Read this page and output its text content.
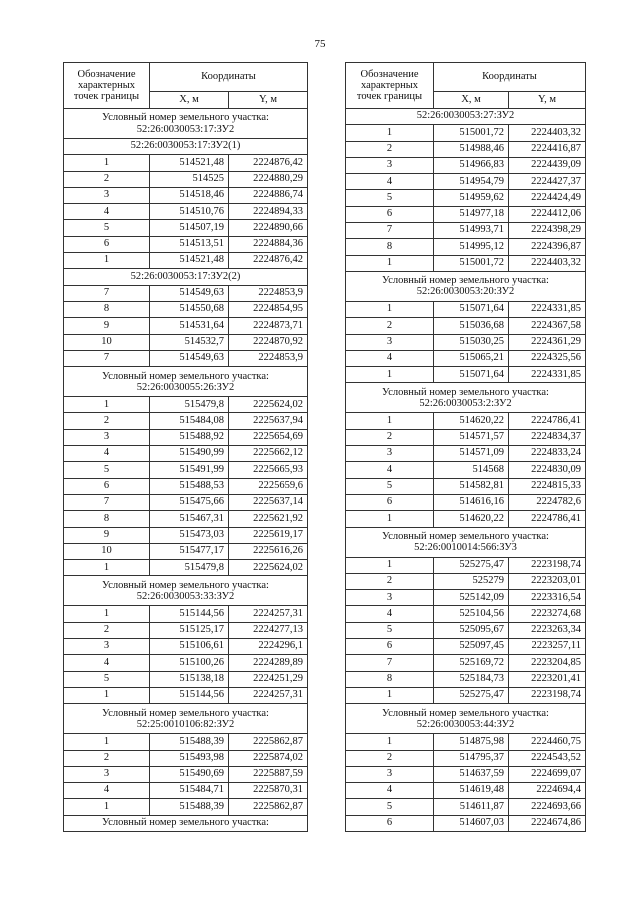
75
Обозначение характерных точек границы	Координаты	
	X, м	Y, м
Условный номер земельного участка: 52:26:0030053:17:ЗУ2		
52:26:0030053:17:ЗУ2(1)		
1	514521,48	2224876,42
2	514525	2224880,29
3	514518,46	2224886,74
4	514510,76	2224894,33
5	514507,19	2224890,66
6	514513,51	2224884,36
1	514521,48	2224876,42
52:26:0030053:17:ЗУ2(2)		
7	514549,63	2224853,9
8	514550,68	2224854,95
9	514531,64	2224873,71
10	514532,7	2224870,92
7	514549,63	2224853,9
Условный номер земельного участка: 52:26:0030055:26:ЗУ2		
1	515479,8	2225624,02
2	515484,08	2225637,94
3	515488,92	2225654,69
4	515490,99	2225662,12
5	515491,99	2225665,93
6	515488,53	2225659,6
7	515475,66	2225637,14
8	515467,31	2225621,92
9	515473,03	2225619,17
10	515477,17	2225616,26
1	515479,8	2225624,02
Условный номер земельного участка: 52:26:0030053:33:ЗУ2		
1	515144,56	2224257,31
2	515125,17	2224277,13
3	515106,61	2224296,1
4	515100,26	2224289,89
5	515138,18	2224251,29
1	515144,56	2224257,31
Условный номер земельного участка: 52:25:0010106:82:ЗУ2		
1	515488,39	2225862,87
2	515493,98	2225874,02
3	515490,69	2225887,59
4	515484,71	2225870,31
1	515488,39	2225862,87
Условный номер земельного участка:		
Обозначение характерных точек границы	Координаты	
	X, м	Y, м
52:26:0030053:27:ЗУ2		
1	515001,72	2224403,32
2	514988,46	2224416,87
3	514966,83	2224439,09
4	514954,79	2224427,37
5	514959,62	2224424,49
6	514977,18	2224412,06
7	514993,71	2224398,29
8	514995,12	2224396,87
1	515001,72	2224403,32
Условный номер земельного участка: 52:26:0030053:20:ЗУ2		
1	515071,64	2224331,85
2	515036,68	2224367,58
3	515030,25	2224361,29
4	515065,21	2224325,56
1	515071,64	2224331,85
Условный номер земельного участка: 52:26:0030053:2:ЗУ2		
1	514620,22	2224786,41
2	514571,57	2224834,37
3	514571,09	2224833,24
4	514568	2224830,09
5	514582,81	2224815,33
6	514616,16	2224782,6
1	514620,22	2224786,41
Условный номер земельного участка: 52:26:0010014:566:ЗУ3		
1	525275,47	2223198,74
2	525279	2223203,01
3	525142,09	2223316,54
4	525104,56	2223274,68
5	525095,67	2223263,34
6	525097,45	2223257,11
7	525169,72	2223204,85
8	525184,73	2223201,41
1	525275,47	2223198,74
Условный номер земельного участка: 52:26:0030053:44:ЗУ2		
1	514875,98	2224460,75
2	514795,37	2224543,52
3	514637,59	2224699,07
4	514619,48	2224694,4
5	514611,87	2224693,66
6	514607,03	2224674,86
